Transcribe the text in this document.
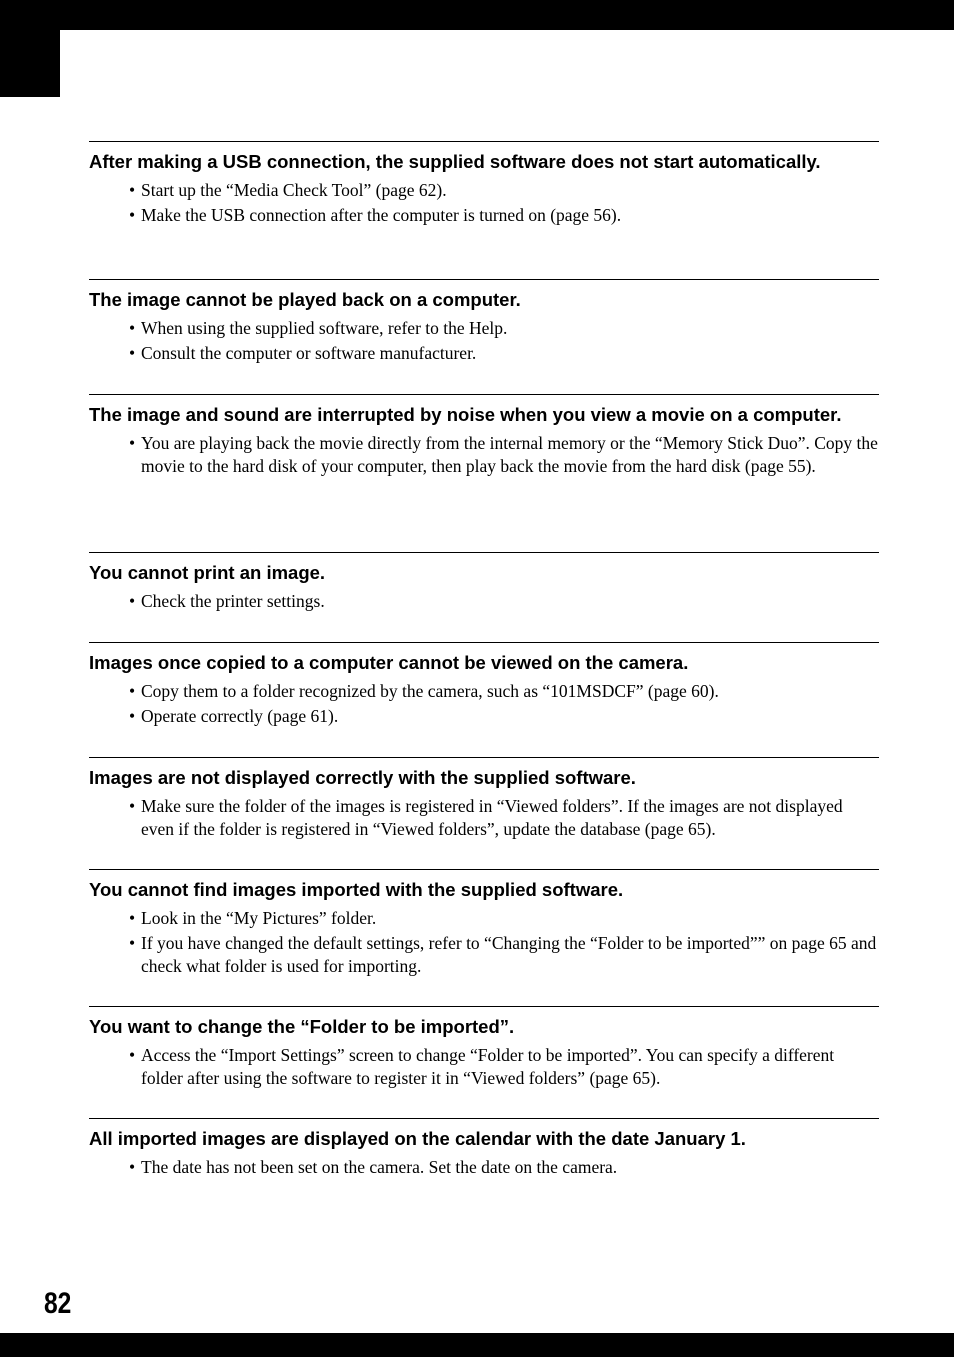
After making a USB connection, the supplied software does not start automatically.
• Start up the “Media Check Tool” (page 62).
• Make the USB connection after the computer is turned on (page 56).
The image cannot be played back on a computer.
• When using the supplied software, refer to the Help.
• Consult the computer or software manufacturer.
The image and sound are interrupted by noise when you view a movie on a computer.
• You are playing back the movie directly from the internal memory or the “Memory Stick Duo”. Copy the movie to the hard disk of your computer, then play back the movie from the hard disk (page 55).
You cannot print an image.
• Check the printer settings.
Images once copied to a computer cannot be viewed on the camera.
• Copy them to a folder recognized by the camera, such as “101MSDCF” (page 60).
• Operate correctly (page 61).
Images are not displayed correctly with the supplied software.
• Make sure the folder of the images is registered in “Viewed folders”. If the images are not displayed even if the folder is registered in “Viewed folders”, update the database (page 65).
You cannot find images imported with the supplied software.
• Look in the “My Pictures” folder.
• If you have changed the default settings, refer to “Changing the “Folder to be imported”” on page 65 and check what folder is used for importing.
You want to change the “Folder to be imported”.
• Access the “Import Settings” screen to change “Folder to be imported”. You can specify a different folder after using the software to register it in “Viewed folders” (page 65).
All imported images are displayed on the calendar with the date January 1.
• The date has not been set on the camera. Set the date on the camera.
82
